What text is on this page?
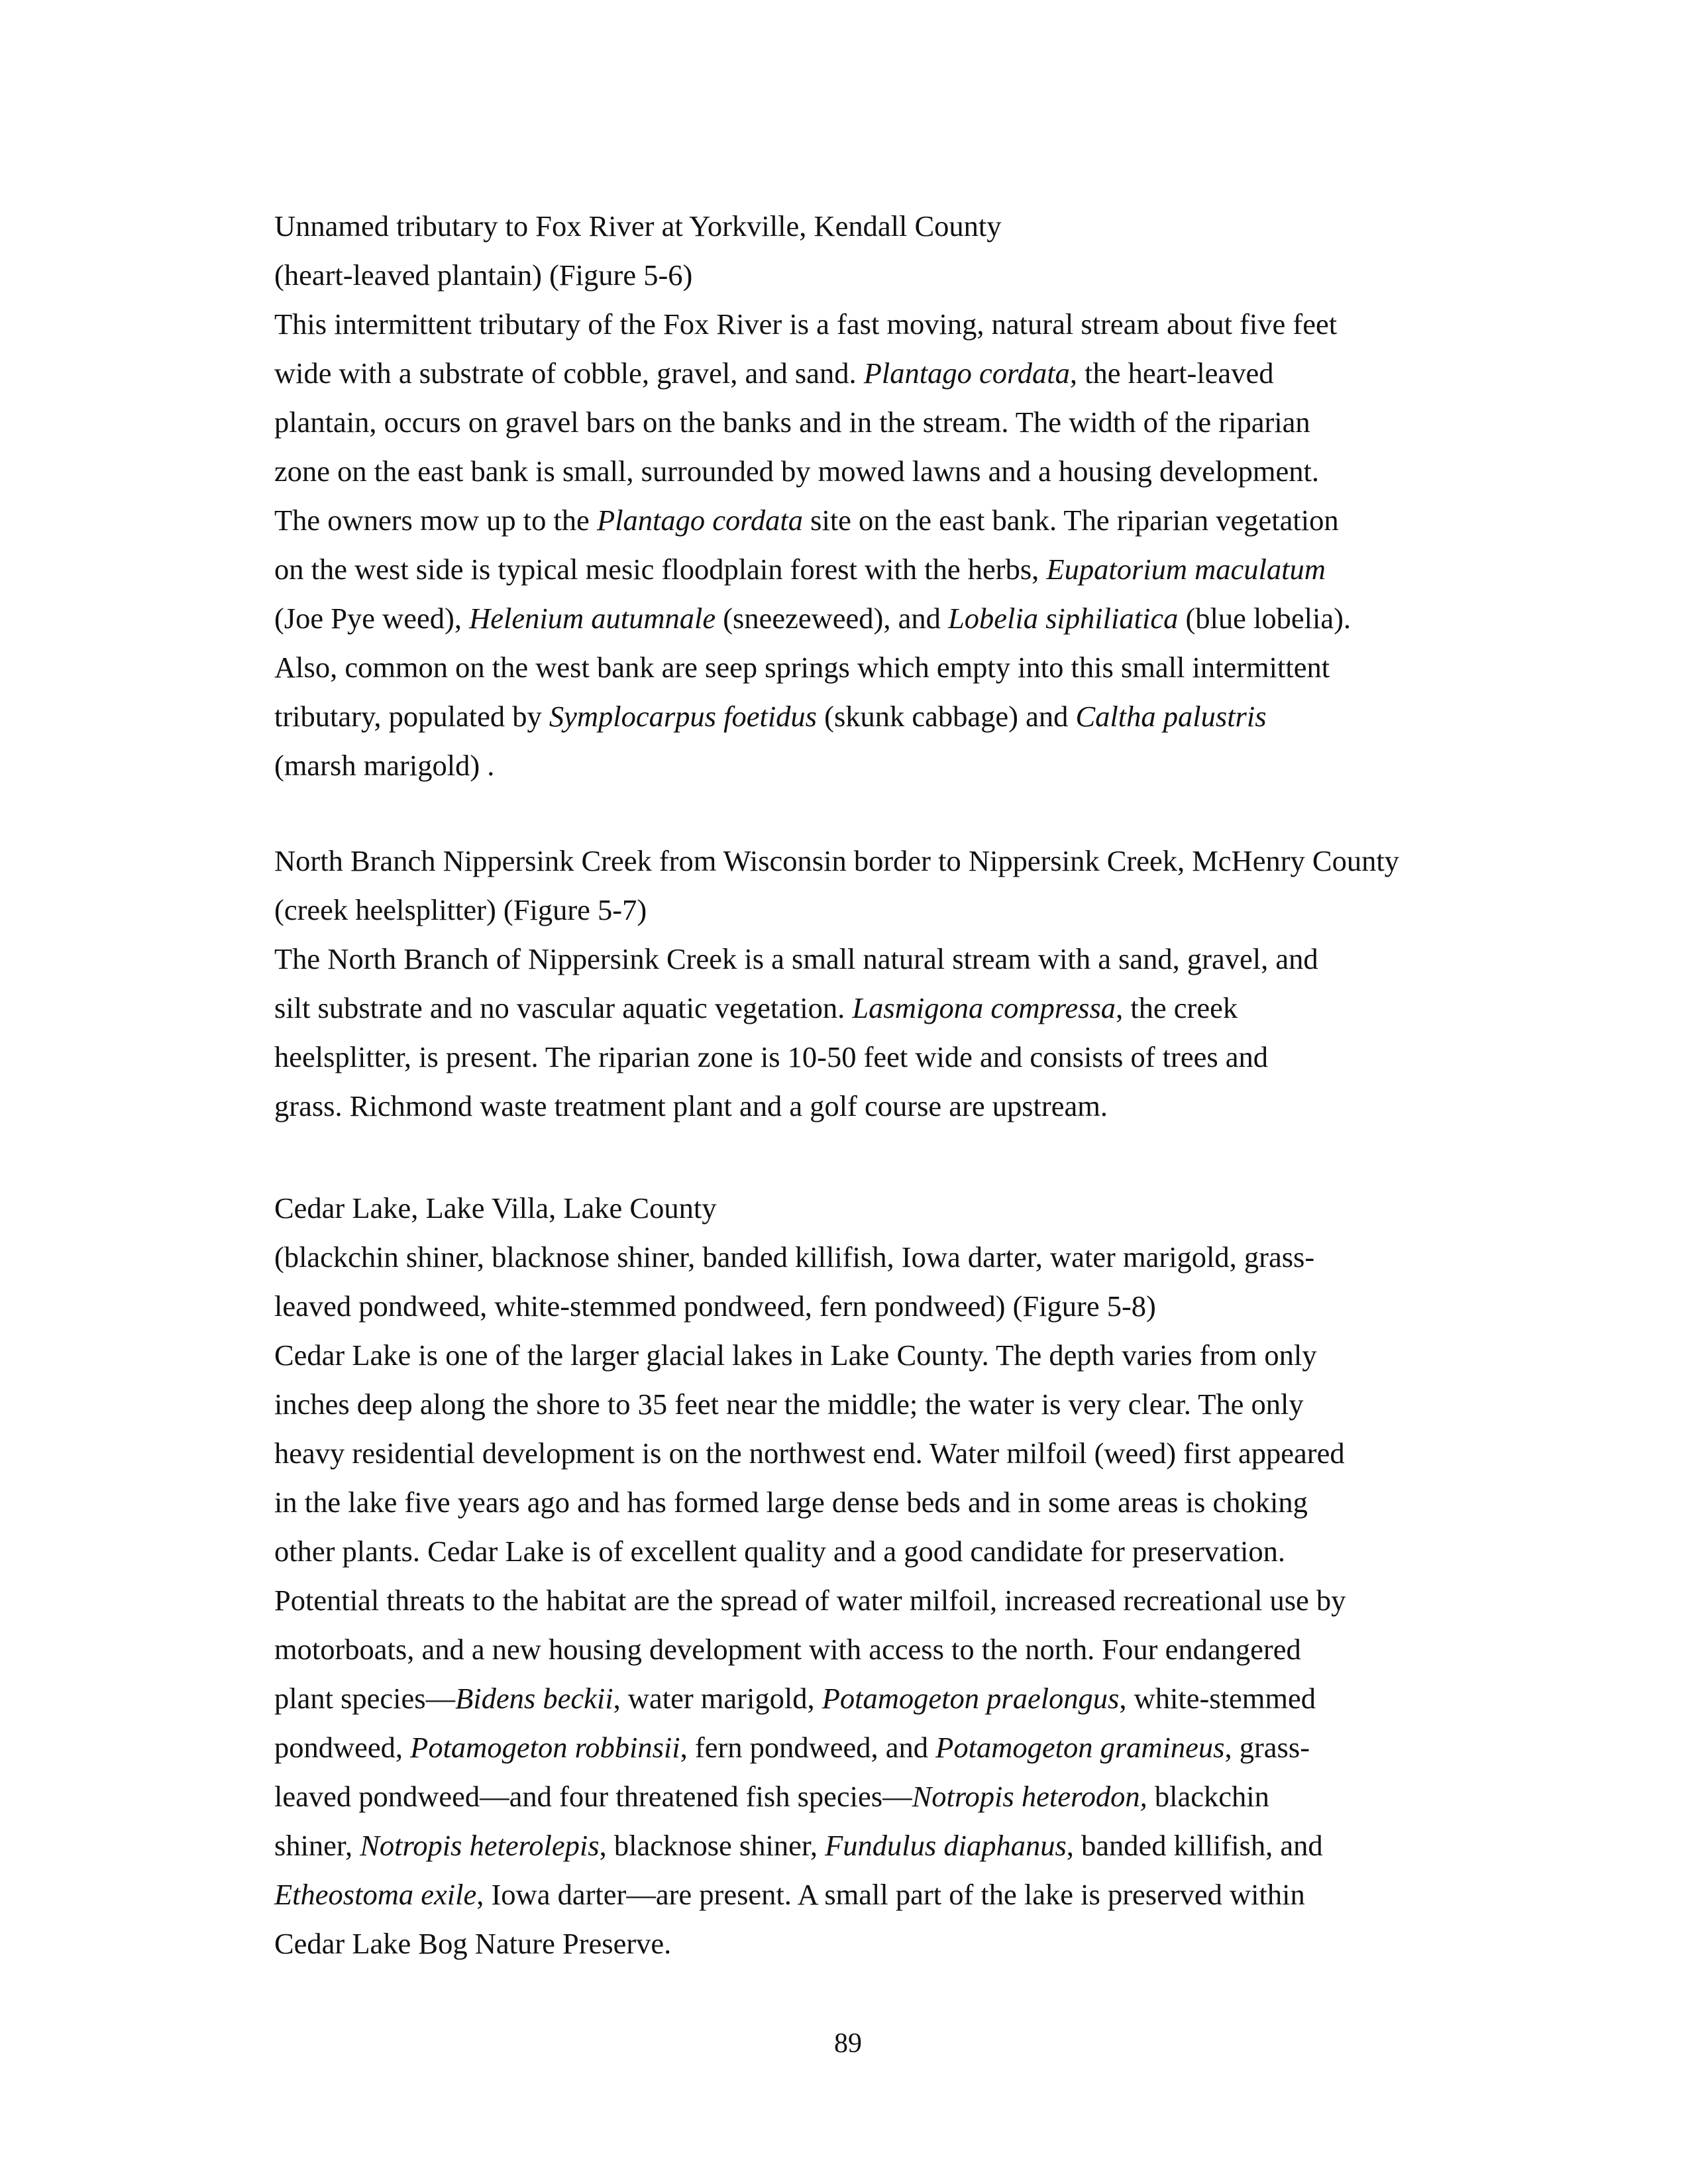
Unnamed tributary to Fox River at Yorkville, Kendall County
(heart-leaved plantain) (Figure 5-6)
This intermittent tributary of the Fox River is a fast moving, natural stream about five feet
wide with a substrate of cobble, gravel, and sand. Plantago cordata, the heart-leaved
plantain, occurs on gravel bars on the banks and in the stream. The width of the riparian
zone on the east bank is small, surrounded by mowed lawns and a housing development.
The owners mow up to the Plantago cordata site on the east bank. The riparian vegetation
on the west side is typical mesic floodplain forest with the herbs, Eupatorium maculatum
(Joe Pye weed), Helenium autumnale (sneezeweed), and Lobelia siphiliatica (blue lobelia).
Also, common on the west bank are seep springs which empty into this small intermittent
tributary, populated by Symplocarpus foetidus (skunk cabbage) and Caltha palustris
(marsh marigold) .
North Branch Nippersink Creek from Wisconsin border to Nippersink Creek, McHenry County
(creek heelsplitter) (Figure 5-7)
The North Branch of Nippersink Creek is a small natural stream with a sand, gravel, and
silt substrate and no vascular aquatic vegetation. Lasmigona compressa, the creek
heelsplitter, is present. The riparian zone is 10-50 feet wide and consists of trees and
grass. Richmond waste treatment plant and a golf course are upstream.
Cedar Lake, Lake Villa, Lake County
(blackchin shiner, blacknose shiner, banded killifish, Iowa darter, water marigold, grass-
leaved pondweed, white-stemmed pondweed, fern pondweed) (Figure 5-8)
Cedar Lake is one of the larger glacial lakes in Lake County. The depth varies from only
inches deep along the shore to 35 feet near the middle; the water is very clear. The only
heavy residential development is on the northwest end. Water milfoil (weed) first appeared
in the lake five years ago and has formed large dense beds and in some areas is choking
other plants. Cedar Lake is of excellent quality and a good candidate for preservation.
Potential threats to the habitat are the spread of water milfoil, increased recreational use by
motorboats, and a new housing development with access to the north. Four endangered
plant species—Bidens beckii, water marigold, Potamogeton praelongus, white-stemmed
pondweed, Potamogeton robbinsii, fern pondweed, and Potamogeton gramineus, grass-
leaved pondweed—and four threatened fish species—Notropis heterodon, blackchin
shiner, Notropis heterolepis, blacknose shiner, Fundulus diaphanus, banded killifish, and
Etheostoma exile, Iowa darter—are present. A small part of the lake is preserved within
Cedar Lake Bog Nature Preserve.
89
